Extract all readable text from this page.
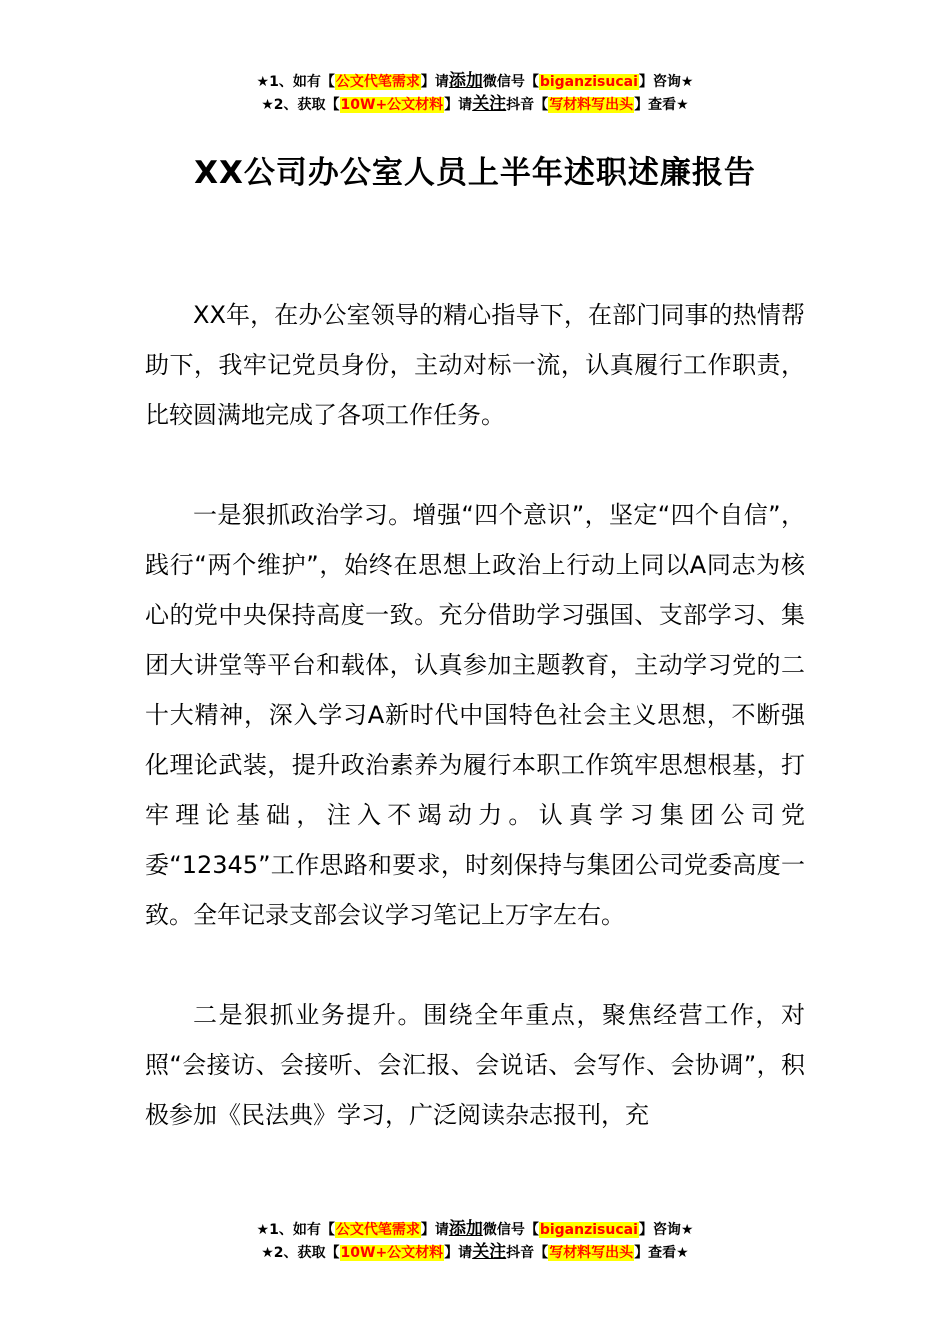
★1、如有【公文代笔需求】请添加微信号【biganzisucai】咨询★
★2、获取【10W+公文材料】请关注抖音【写材料写出头】查看★
XX公司办公室人员上半年述职述廉报告

XX年，在办公室领导的精心指导下，在部门同事的热情帮助下，我牢记党员身份，主动对标一流，认真履行工作职责，比较圆满地完成了各项工作任务。

一是狠抓政治学习。增强“四个意识”，坚定“四个自信”，践行“两个维护”，始终在思想上政治上行动上同以A同志为核心的党中央保持高度一致。充分借助学习强国、支部学习、集团大讲堂等平台和载体，认真参加主题教育，主动学习党的二十大精神，深入学习A新时代中国特色社会主义思想，不断强化理论武装，提升政治素养为履行本职工作筑牢思想根基，打牢理论基础，注入不竭动力。认真学习集团公司党委“12345”工作思路和要求，时刻保持与集团公司党委高度一致。全年记录支部会议学习笔记上万字左右。

二是狠抓业务提升。围绕全年重点，聚焦经营工作，对照“会接访、会接听、会汇报、会说话、会写作、会协调”，积极参加《民法典》学习，广泛阅读杂志报刊，充

★1、如有【公文代笔需求】请添加微信号【biganzisucai】咨询★
★2、获取【10W+公文材料】请关注抖音【写材料写出头】查看★
